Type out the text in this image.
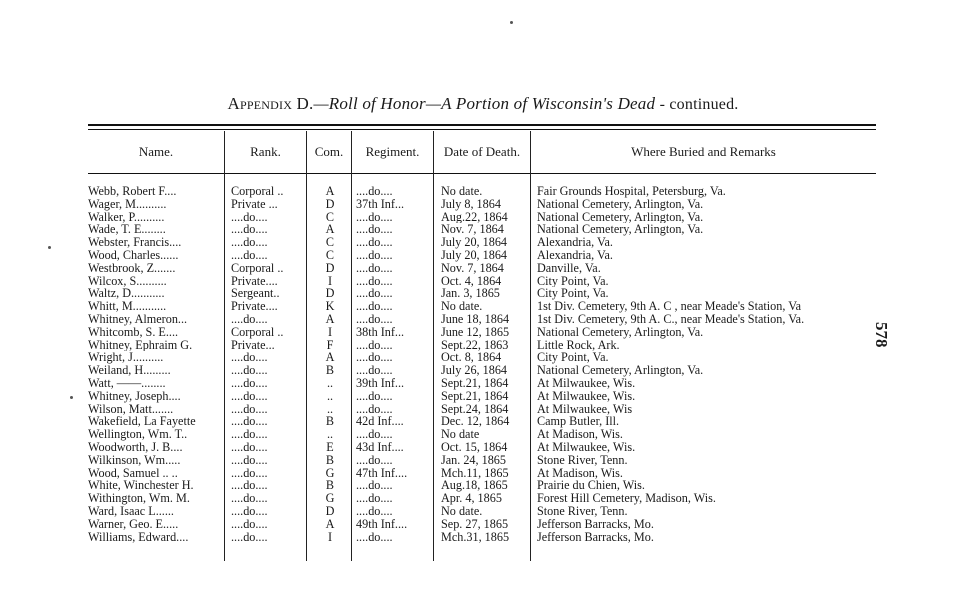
Appendix D.—Roll of Honor—A Portion of Wisconsin's Dead - continued.
Name.	Rank.	Com.	Regiment.	Date of Death.	Where Buried and Remarks
Webb, Robert F....	Corporal ..	A	....do....	No date.	Fair Grounds Hospital, Petersburg, Va.
Wager, M..........	Private ...	D	37th Inf...	July 8, 1864	National Cemetery, Arlington, Va.
Walker, P..........	....do....	C	....do....	Aug.22, 1864	National Cemetery, Arlington, Va.
Wade, T. E........	....do....	A	....do....	Nov. 7, 1864	National Cemetery, Arlington, Va.
Webster, Francis....	....do....	C	....do....	July 20, 1864	Alexandria, Va.
Wood, Charles......	....do....	C	....do....	July 20, 1864	Alexandria, Va.
Westbrook, Z.......	Corporal ..	D	....do....	Nov. 7, 1864	Danville, Va.
Wilcox, S..........	Private....	I	....do....	Oct. 4, 1864	City Point, Va.
Waltz, D...........	Sergeant..	D	....do....	Jan. 3, 1865	City Point, Va.
Whitt, M...........	Private....	K	....do....	No date.	1st Div. Cemetery, 9th A. C , near Meade's Station, Va
Whitney, Almeron...	....do....	A	....do....	June 18, 1864	1st Div. Cemetery, 9th A. C., near Meade's Station, Va.
Whitcomb, S. E....	Corporal ..	I	38th Inf...	June 12, 1865	National Cemetery, Arlington, Va.
Whitney, Ephraim G.	Private...	F	....do....	Sept.22, 1863	Little Rock, Ark.
Wright, J..........	....do....	A	....do....	Oct. 8, 1864	City Point, Va.
Weiland, H.........	....do....	B	....do....	July 26, 1864	National Cemetery, Arlington, Va.
Watt, ——........	....do....	..	39th Inf...	Sept.21, 1864	At Milwaukee, Wis.
Whitney, Joseph....	....do....	..	....do....	Sept.21, 1864	At Milwaukee, Wis.
Wilson, Matt.......	....do....	..	....do....	Sept.24, 1864	At Milwaukee, Wis
Wakefield, La Fayette	....do....	B	42d Inf....	Dec. 12, 1864	Camp Butler, Ill.
Wellington, Wm. T..	....do....	..	....do....	No date	At Madison, Wis.
Woodworth, J. B....	....do....	E	43d Inf....	Oct. 15, 1864	At Milwaukee, Wis.
Wilkinson, Wm.....	....do....	B	....do....	Jan. 24, 1865	Stone River, Tenn.
Wood, Samuel .. ..	....do....	G	47th Inf....	Mch.11, 1865	At Madison, Wis.
White, Winchester H.	....do....	B	....do....	Aug.18, 1865	Prairie du Chien, Wis.
Withington, Wm. M.	....do....	G	....do....	Apr. 4, 1865	Forest Hill Cemetery, Madison, Wis.
Ward, Isaac L......	....do....	D	....do....	No date.	Stone River, Tenn.
Warner, Geo. E.....	....do....	A	49th Inf....	Sep. 27, 1865	Jefferson Barracks, Mo.
Williams, Edward....	....do....	I	....do....	Mch.31, 1865	Jefferson Barracks, Mo.
578
